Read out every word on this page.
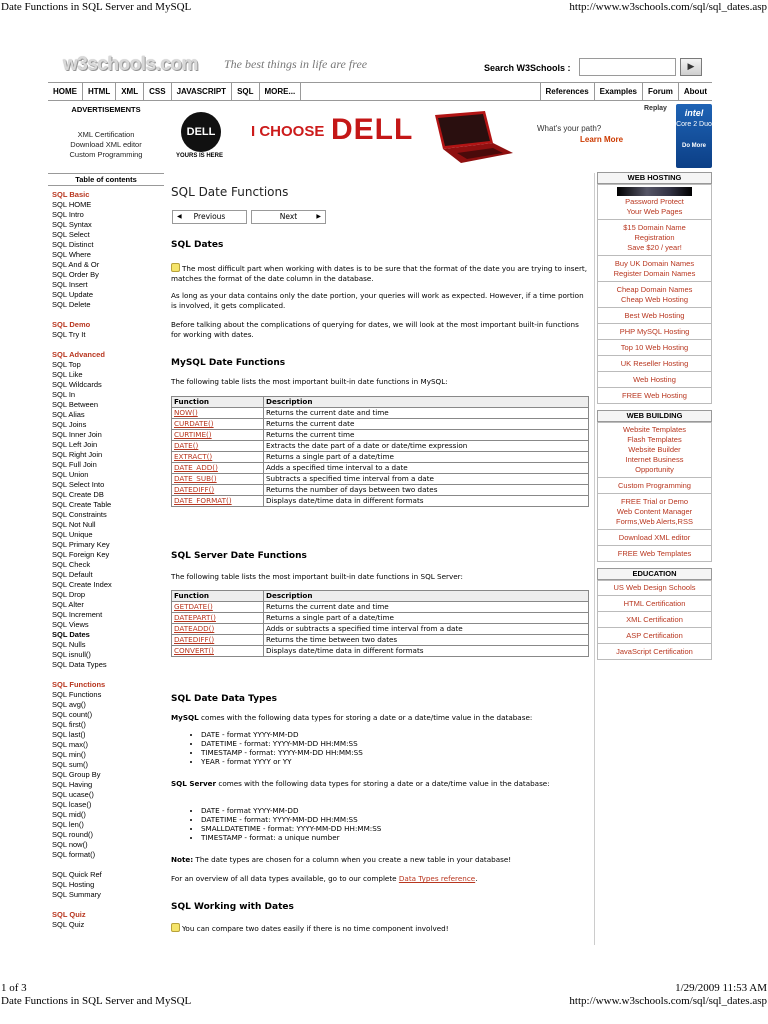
Date Functions in SQL Server and MySQL	http://www.w3schools.com/sql/sql_dates.asp
w3schools.com The best things in life are free	Search W3Schools :	▶
HOME	HTML	XML	CSS	JAVASCRIPT	SQL	MORE...	References	Examples	Forum	About
ADVERTISEMENTS
XML Certification
Download XML editor
Custom Programming
DELL
YOURS IS HERE
I CHOOSE DELL	What's your path?
Learn More
Replay	intel
Core 2 Duo
Do More
Table of contents
SQL Basic
SQL HOME
SQL Intro
SQL Syntax
SQL Select
SQL Distinct
SQL Where
SQL And & Or
SQL Order By
SQL Insert
SQL Update
SQL Delete
SQL Demo
SQL Try It
SQL Advanced
SQL Top
SQL Like
SQL Wildcards
SQL In
SQL Between
SQL Alias
SQL Joins
SQL Inner Join
SQL Left Join
SQL Right Join
SQL Full Join
SQL Union
SQL Select Into
SQL Create DB
SQL Create Table
SQL Constraints
SQL Not Null
SQL Unique
SQL Primary Key
SQL Foreign Key
SQL Check
SQL Default
SQL Create Index
SQL Drop
SQL Alter
SQL Increment
SQL Views
SQL Dates
SQL Nulls
SQL isnull()
SQL Data Types
SQL Functions
SQL Functions
SQL avg()
SQL count()
SQL first()
SQL last()
SQL max()
SQL min()
SQL sum()
SQL Group By
SQL Having
SQL ucase()
SQL lcase()
SQL mid()
SQL len()
SQL round()
SQL now()
SQL format()
SQL Quick Ref
SQL Hosting
SQL Summary
SQL Quiz
SQL Quiz
SQL Date Functions
◀	Previous	Next	▶
SQL Dates
The most difficult part when working with dates is to be sure that the format of the date you are trying to insert, matches the format of the date column in the database.
As long as your data contains only the date portion, your queries will work as expected. However, if a time portion is involved, it gets complicated.
Before talking about the complications of querying for dates, we will look at the most important built-in functions for working with dates.
MySQL Date Functions
The following table lists the most important built-in date functions in MySQL:
Function	Description
NOW()	Returns the current date and time
CURDATE()	Returns the current date
CURTIME()	Returns the current time
DATE()	Extracts the date part of a date or date/time expression
EXTRACT()	Returns a single part of a date/time
DATE_ADD()	Adds a specified time interval to a date
DATE_SUB()	Subtracts a specified time interval from a date
DATEDIFF()	Returns the number of days between two dates
DATE_FORMAT()	Displays date/time data in different formats
SQL Server Date Functions
The following table lists the most important built-in date functions in SQL Server:
Function	Description
GETDATE()	Returns the current date and time
DATEPART()	Returns a single part of a date/time
DATEADD()	Adds or subtracts a specified time interval from a date
DATEDIFF()	Returns the time between two dates
CONVERT()	Displays date/time data in different formats
SQL Date Data Types
MySQL comes with the following data types for storing a date or a date/time value in the database:
• DATE - format YYYY-MM-DD
• DATETIME - format: YYYY-MM-DD HH:MM:SS
• TIMESTAMP - format: YYYY-MM-DD HH:MM:SS
• YEAR - format YYYY or YY
SQL Server comes with the following data types for storing a date or a date/time value in the database:
• DATE - format YYYY-MM-DD
• DATETIME - format: YYYY-MM-DD HH:MM:SS
• SMALLDATETIME - format: YYYY-MM-DD HH:MM:SS
• TIMESTAMP - format: a unique number
Note: The date types are chosen for a column when you create a new table in your database!
For an overview of all data types available, go to our complete Data Types reference.
SQL Working with Dates
You can compare two dates easily if there is no time component involved!
WEB HOSTING
Password Protect
Your Web Pages
$15 Domain Name
Registration
Save $20 / year!
Buy UK Domain Names
Register Domain Names
Cheap Domain Names
Cheap Web Hosting
Best Web Hosting
PHP MySQL Hosting
Top 10 Web Hosting
UK Reseller Hosting
Web Hosting
FREE Web Hosting
WEB BUILDING
Website Templates
Flash Templates
Website Builder
Internet Business
Opportunity
Custom Programming
FREE Trial or Demo
Web Content Manager
Forms,Web Alerts,RSS
Download XML editor
FREE Web Templates
EDUCATION
US Web Design Schools
HTML Certification
XML Certification
ASP Certification
JavaScript Certification
1 of 3	1/29/2009 11:53 AM
Date Functions in SQL Server and MySQL	http://www.w3schools.com/sql/sql_dates.asp
